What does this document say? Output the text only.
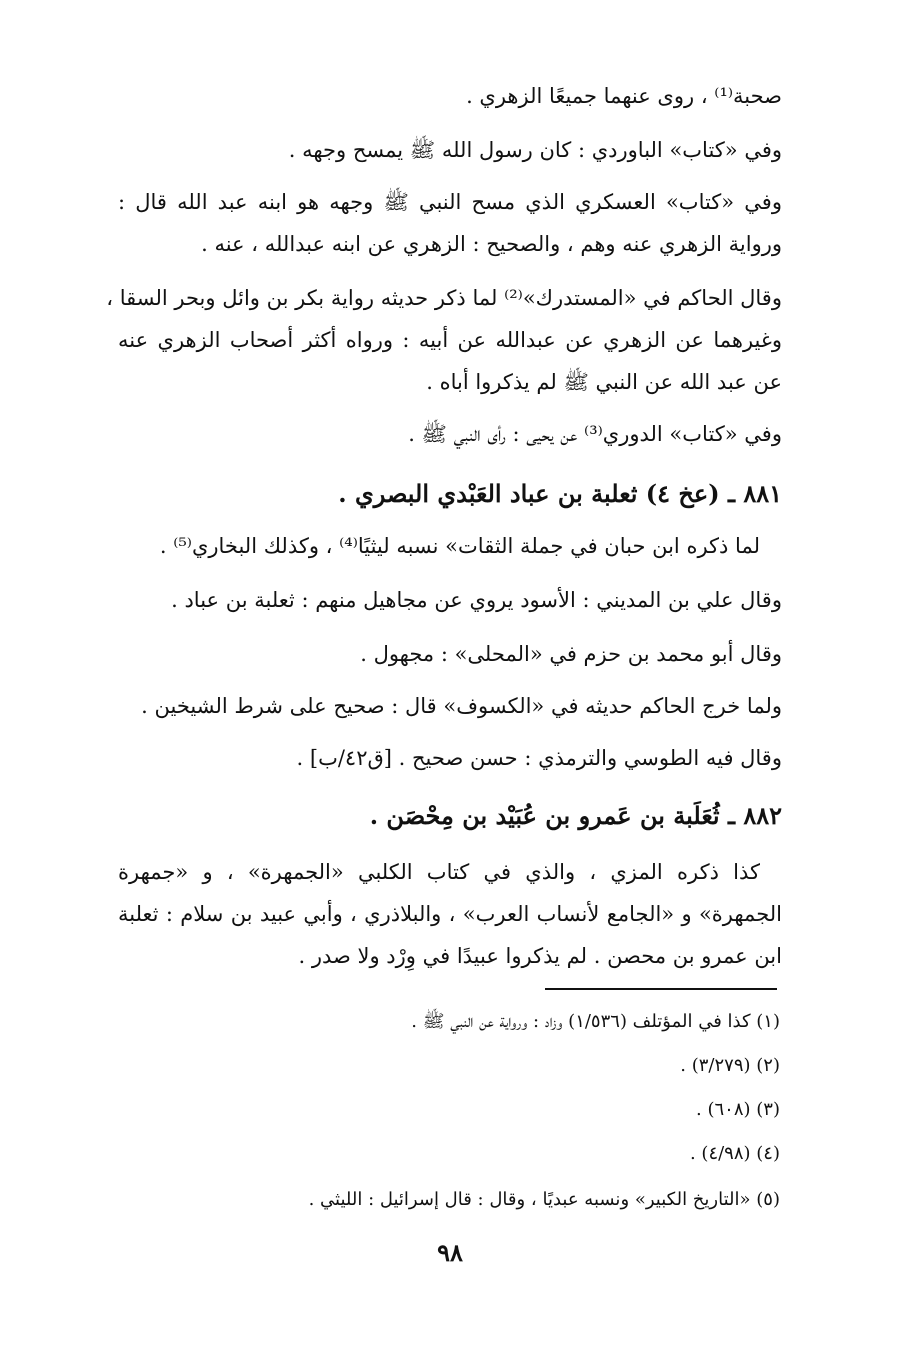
صحبة⁽¹⁾ ، روى عنهما جميعًا الزهري .
وفي «كتاب» الباوردي : كان رسول الله ﷺ يمسح وجهه .
وفي «كتاب» العسكري الذي مسح النبي ﷺ وجهه هو ابنه عبد الله قال :
ورواية الزهري عنه وهم ، والصحيح : الزهري عن ابنه عبدالله ، عنه .
وقال الحاكم في «المستدرك»⁽²⁾ لما ذكر حديثه رواية بكر بن وائل وبحر السقا ،
وغيرهما عن الزهري عن عبدالله عن أبيه : ورواه أكثر أصحاب الزهري عنه
عن عبد الله عن النبي ﷺ لم يذكروا أباه .
وفي «كتاب» الدوري⁽³⁾ عن يحيى : رأى النبي ﷺ .
٨٨١ ـ (عخ ٤) ثعلبة بن عباد العَبْدي البصري .
لما ذكره ابن حبان في جملة الثقات» نسبه ليثيًا⁽⁴⁾ ، وكذلك البخاري⁽⁵⁾ .
وقال علي بن المديني : الأسود يروي عن مجاهيل منهم : ثعلبة بن عباد .
وقال أبو محمد بن حزم في «المحلى» : مجهول .
ولما خرج الحاكم حديثه في «الكسوف» قال : صحيح على شرط الشيخين .
وقال فيه الطوسي والترمذي : حسن صحيح . [ق٤٢/ب] .
٨٨٢ ـ ثُعَلَبة بن عَمرو بن عُبَيْد بن مِحْصَن .
كذا ذكره المزي ، والذي في كتاب الكلبي «الجمهرة» ، و «جمهرة
الجمهرة» و «الجامع لأنساب العرب» ، والبلاذري ، وأبي عبيد بن سلام : ثعلبة
ابن عمرو بن محصن . لم يذكروا عبيدًا في وِرْد ولا صدر .
(١) كذا في المؤتلف (١/٥٣٦) وزاد : ورواية عن النبي ﷺ .
(٢) (٣/٢٧٩) .
(٣) (٦٠٨) .
(٤) (٤/٩٨) .
(٥) «التاريخ الكبير» ونسبه عبديًا ، وقال : قال إسرائيل : الليثي .
٩٨
